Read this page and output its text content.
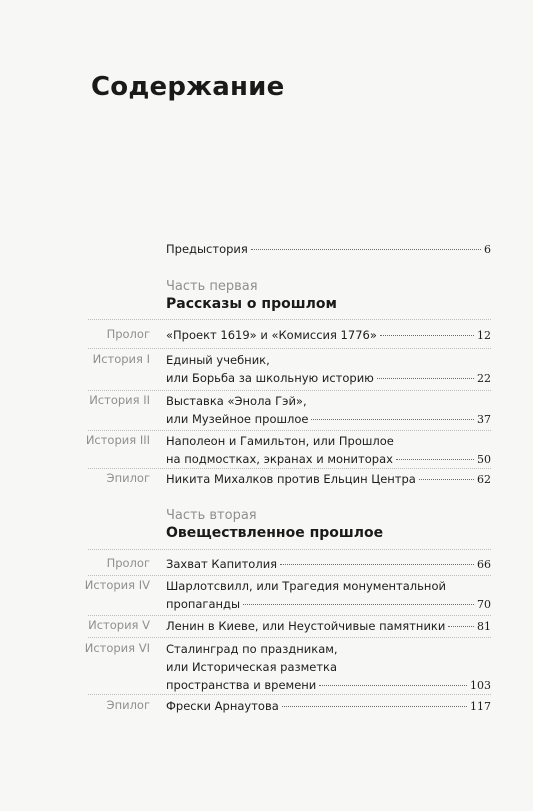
Содержание
Предыстория	6
Часть первая
Рассказы о прошлом
Пролог «Проект 1619» и «Комиссия 1776»	12
История I Единый учебник,
или Борьба за школьную историю	22
История II Выставка «Энола Гэй»,
или Музейное прошлое	37
История III Наполеон и Гамильтон, или Прошлое
на подмостках, экранах и мониторах	50
Эпилог Никита Михалков против Ельцин Центра	62
Часть вторая
Овеществленное прошлое
Пролог Захват Капитолия	66
История IV Шарлотсвилл, или Трагедия монументальной
пропаганды	70
История V Ленин в Киеве, или Неустойчивые памятники	81
История VI Сталинград по праздникам,
или Историческая разметка
пространства и времени	103
Эпилог Фрески Арнаутова	117
